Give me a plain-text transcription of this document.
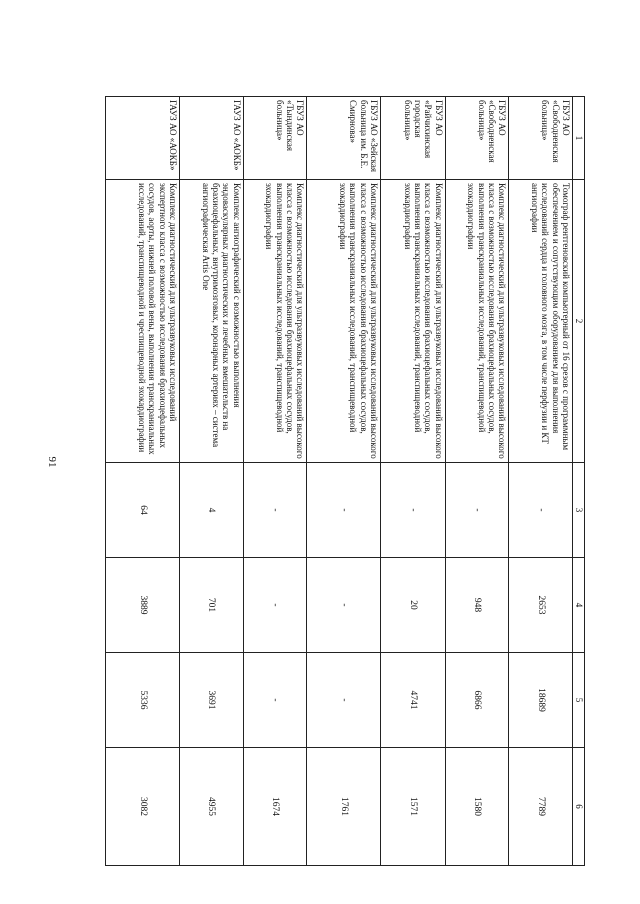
91
1	2	3	4	5	6
ГБУЗ АО «Свободненская больница»	Томограф рентгеновский компьютерный от 16 срезов с программным обеспечением и сопутствующим оборудованием для выполнения исследований сердца и головного мозга, в том числе перфузии и КТ ангиографии	-	2653	18689	7789
ГБУЗ АО «Свободненская больница»	Комплекс диагностический для ультразвуковых исследований высокого класса с возможностью исследования брахиоцефальных сосудов, выполнения транскраниальных исследований, транспищеводной эхокардиографии	-	948	6866	1580
ГБУЗ АО «Райчихинская городская больница»	Комплекс диагностический для ультразвуковых исследований высокого класса с возможностью исследования брахиоцефальных сосудов, выполнения транскраниальных исследований, транспищеводной эхокардиографии	-	20	4741	1571
ГБУЗ АО «Зейская больница им. Б.Е. Смирнова»	Комплекс диагностический для ультразвуковых исследований высокого класса с возможностью исследования брахиоцефальных сосудов, выполнения транскраниальных исследований, транспищеводной эхокардиографии	-	-	-	1761
ГБУЗ АО «Тындинская больница»	Комплекс диагностический для ультразвуковых исследований высокого класса с возможностью исследования брахиоцефальных сосудов, выполнения транскраниальных исследований, транспищеводной эхокардиографии	-	-	-	1674
ГАУЗ АО «АОКБ»	Комплекс ангиографический с возможностью выполнения эндоваскулярных диагностических и лечебных вмешательств на брахиоцефальных, внутримозговых, коронарных артериях – система ангиографическая Artis One	4	701	3691	4955
ГАУЗ АО «АОКБ»	Комплекс диагностический для ультразвуковых исследований экспертного класса с возможностью исследования брахиоцефальных сосудов, аорты, нижней половой вены, выполнения транскраниальных исследований, транспищеводной и чреспищеводной эхокардиографии	64	3889	5336	3082
